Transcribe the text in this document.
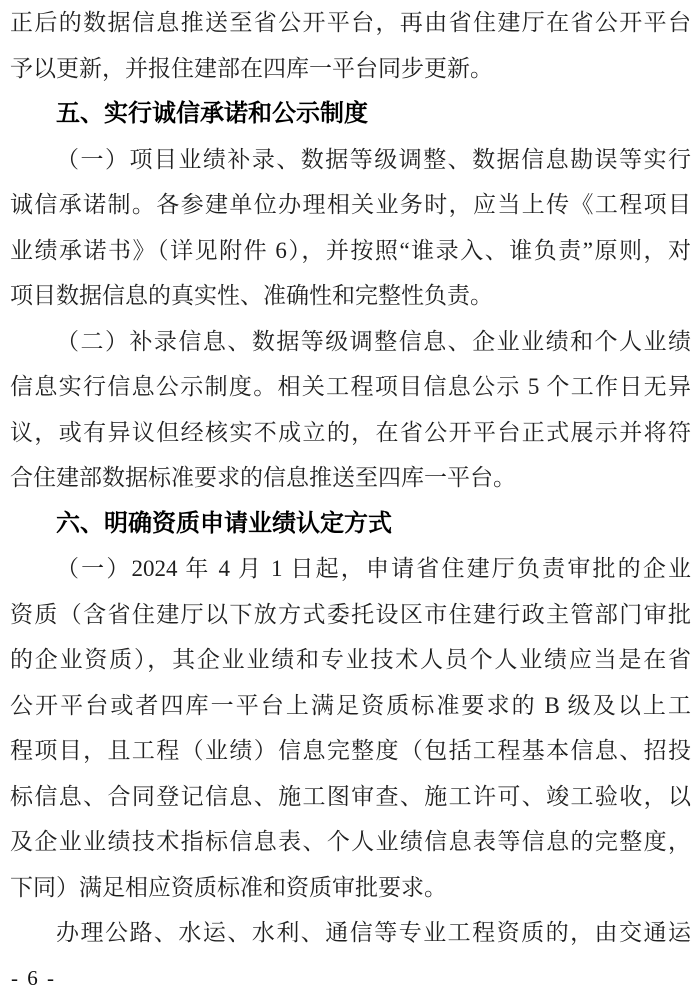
正后的数据信息推送至省公开平台，再由省住建厅在省公开平台
予以更新，并报住建部在四库一平台同步更新。
五、实行诚信承诺和公示制度
（一）项目业绩补录、数据等级调整、数据信息勘误等实行
诚信承诺制。各参建单位办理相关业务时，应当上传《工程项目
业绩承诺书》（详见附件 6），并按照“谁录入、谁负责”原则，对
项目数据信息的真实性、准确性和完整性负责。
（二）补录信息、数据等级调整信息、企业业绩和个人业绩
信息实行信息公示制度。相关工程项目信息公示 5 个工作日无异
议，或有异议但经核实不成立的，在省公开平台正式展示并将符
合住建部数据标准要求的信息推送至四库一平台。
六、明确资质申请业绩认定方式
（一）2024 年 4 月 1 日起，申请省住建厅负责审批的企业
资质（含省住建厅以下放方式委托设区市住建行政主管部门审批
的企业资质），其企业业绩和专业技术人员个人业绩应当是在省
公开平台或者四库一平台上满足资质标准要求的 B 级及以上工
程项目，且工程（业绩）信息完整度（包括工程基本信息、招投
标信息、合同登记信息、施工图审查、施工许可、竣工验收，以
及企业业绩技术指标信息表、个人业绩信息表等信息的完整度，
下同）满足相应资质标准和资质审批要求。
办理公路、水运、水利、通信等专业工程资质的，由交通运
- 6 -
